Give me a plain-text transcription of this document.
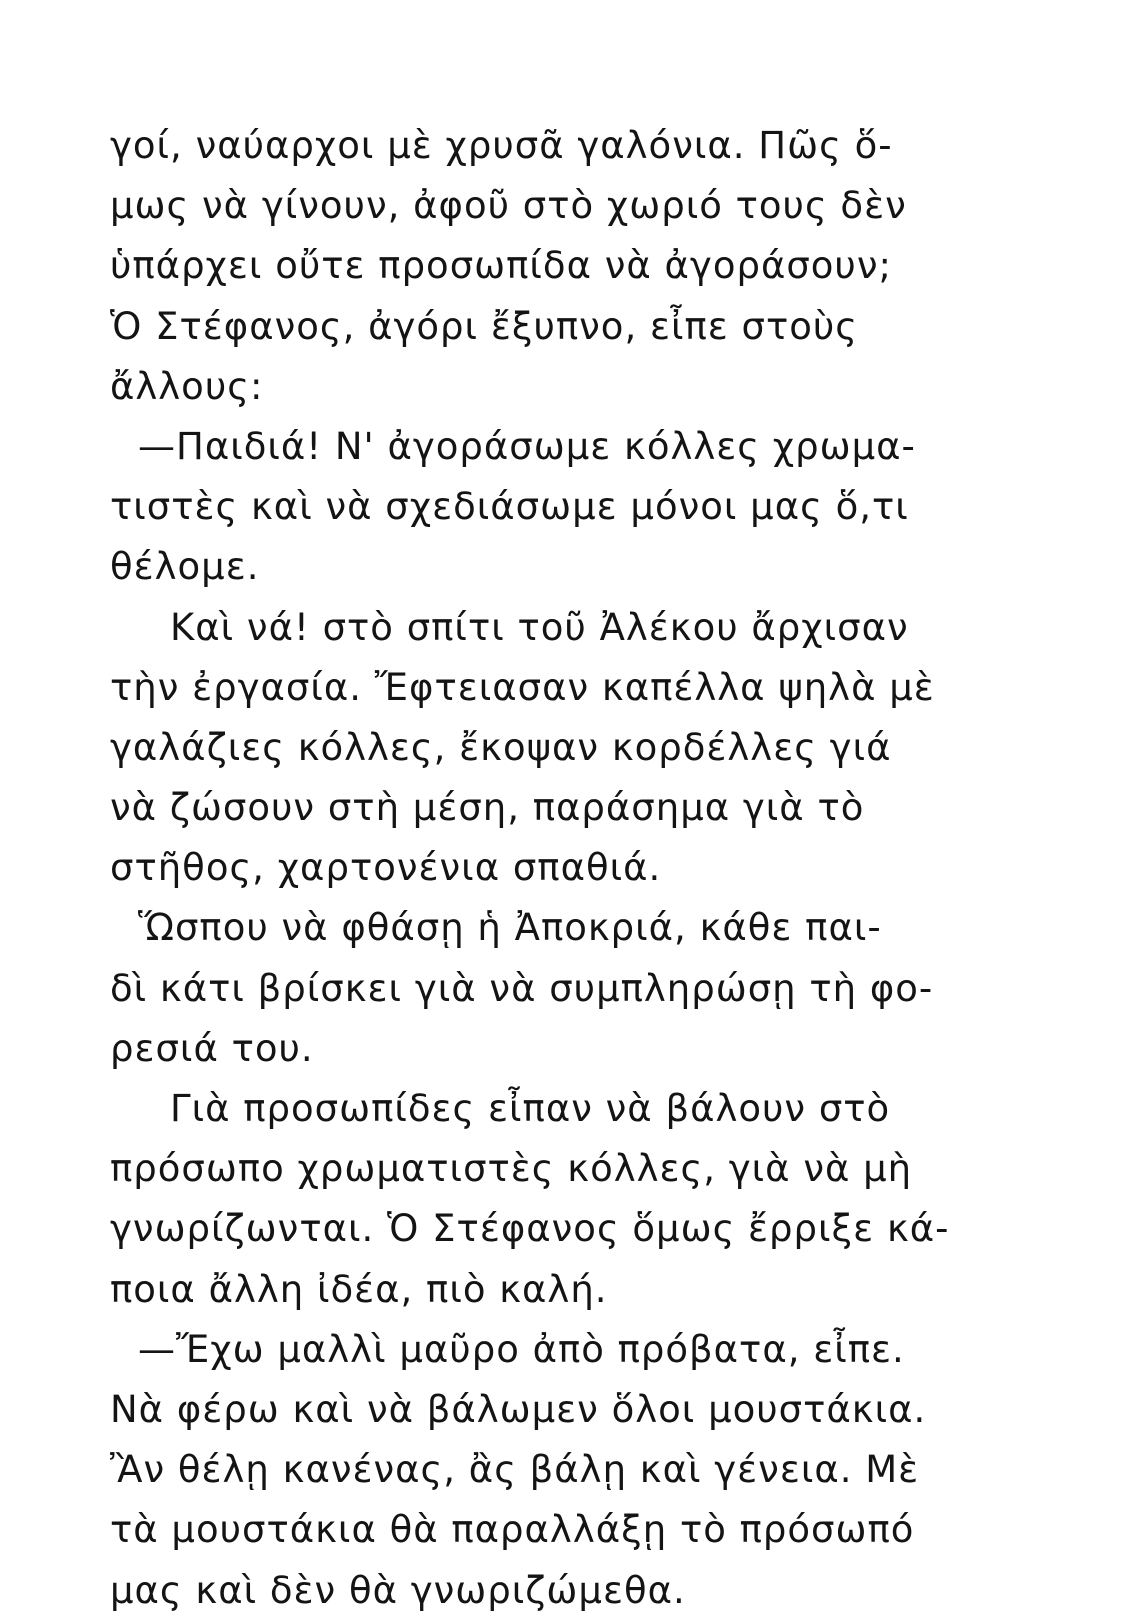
γοί, ναύαρχοι μὲ χρυσᾶ γαλόνια. Πῶς ὅ-
μως νὰ γίνουν, ἀφοῦ στὸ χωριό τους δὲν
ὑπάρχει οὔτε προσωπίδα νὰ ἀγοράσουν;
Ὁ Στέφανος, ἀγόρι ἔξυπνο, εἶπε στοὺς
ἄλλους:
—Παιδιά! Ν' ἀγοράσωμε κόλλες χρωμα-
τιστὲς καὶ νὰ σχεδιάσωμε μόνοι μας ὅ,τι
θέλομε.
Καὶ νά! στὸ σπίτι τοῦ Ἀλέκου ἄρχισαν
τὴν ἐργασία. Ἔφτειασαν καπέλλα ψηλὰ μὲ
γαλάζιες κόλλες, ἔκοψαν κορδέλλες γιά
νὰ ζώσουν στὴ μέση, παράσημα γιὰ τὸ
στῆθος, χαρτονένια σπαθιά.
Ὥσπου νὰ φθάσῃ ἡ Ἀποκριά, κάθε παι-
δὶ κάτι βρίσκει γιὰ νὰ συμπληρώσῃ τὴ φο-
ρεσιά του.
Γιὰ προσωπίδες εἶπαν νὰ βάλουν στὸ
πρόσωπο χρωματιστὲς κόλλες, γιὰ νὰ μὴ
γνωρίζωνται. Ὁ Στέφανος ὅμως ἔρριξε κά-
ποια ἄλλη ἰδέα, πιὸ καλή.
—Ἔχω μαλλὶ μαῦρο ἀπὸ πρόβατα, εἶπε.
Νὰ φέρω καὶ νὰ βάλωμεν ὅλοι μουστάκια.
Ἂν θέλῃ κανένας, ἂς βάλῃ καὶ γένεια. Μὲ
τὰ μουστάκια θὰ παραλλάξῃ τὸ πρόσωπό
μας καὶ δὲν θὰ γνωριζώμεθα.
